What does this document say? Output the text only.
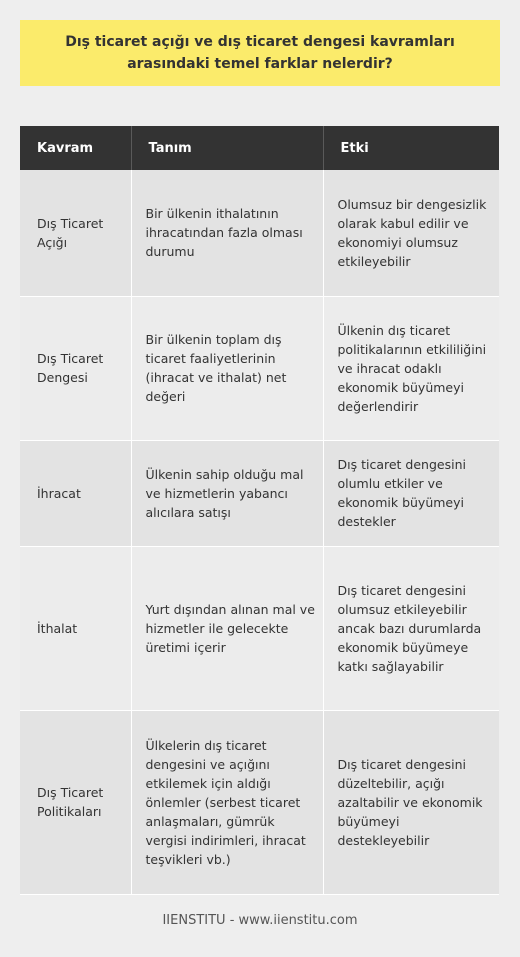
Dış ticaret açığı ve dış ticaret dengesi kavramları arasındaki temel farklar nelerdir?
Kavram	Tanım	Etki
Dış Ticaret Açığı	Bir ülkenin ithalatının ihracatından fazla olması durumu	Olumsuz bir dengesizlik olarak kabul edilir ve ekonomiyi olumsuz etkileyebilir
Dış Ticaret Dengesi	Bir ülkenin toplam dış ticaret faaliyetlerinin (ihracat ve ithalat) net değeri	Ülkenin dış ticaret politikalarının etkililiğini ve ihracat odaklı ekonomik büyümeyi değerlendirir
İhracat	Ülkenin sahip olduğu mal ve hizmetlerin yabancı alıcılara satışı	Dış ticaret dengesini olumlu etkiler ve ekonomik büyümeyi destekler
İthalat	Yurt dışından alınan mal ve hizmetler ile gelecekte üretimi içerir	Dış ticaret dengesini olumsuz etkileyebilir ancak bazı durumlarda ekonomik büyümeye katkı sağlayabilir
Dış Ticaret Politikaları	Ülkelerin dış ticaret dengesini ve açığını etkilemek için aldığı önlemler (serbest ticaret anlaşmaları, gümrük vergisi indirimleri, ihracat teşvikleri vb.)	Dış ticaret dengesini düzeltebilir, açığı azaltabilir ve ekonomik büyümeyi destekleyebilir
IIENSTITU - www.iienstitu.com
